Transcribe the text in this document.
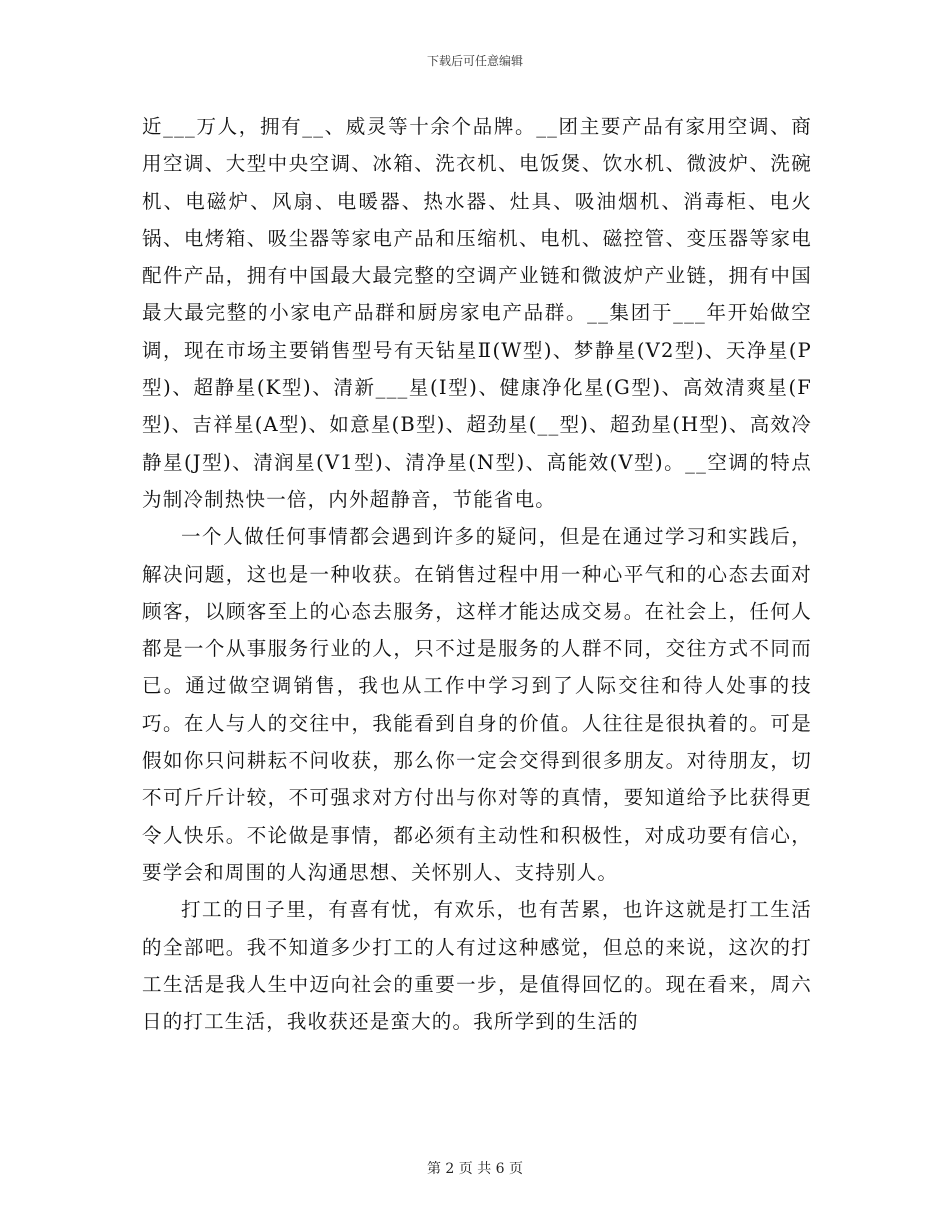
下载后可任意编辑

近___万人，拥有__、威灵等十余个品牌。__团主要产品有家用空调、商用空调、大型中央空调、冰箱、洗衣机、电饭煲、饮水机、微波炉、洗碗机、电磁炉、风扇、电暖器、热水器、灶具、吸油烟机、消毒柜、电火锅、电烤箱、吸尘器等家电产品和压缩机、电机、磁控管、变压器等家电配件产品，拥有中国最大最完整的空调产业链和微波炉产业链，拥有中国最大最完整的小家电产品群和厨房家电产品群。__集团于___年开始做空调，现在市场主要销售型号有天钻星Ⅱ(W型)、梦静星(V2型)、天净星(P型)、超静星(K型)、清新___星(I型)、健康净化星(G型)、高效清爽星(F型)、吉祥星(A型)、如意星(B型)、超劲星(__型)、超劲星(H型)、高效冷静星(J型)、清润星(V1型)、清净星(N型)、高能效(V型)。__空调的特点为制冷制热快一倍，内外超静音，节能省电。

一个人做任何事情都会遇到许多的疑问，但是在通过学习和实践后，解决问题，这也是一种收获。在销售过程中用一种心平气和的心态去面对顾客，以顾客至上的心态去服务，这样才能达成交易。在社会上，任何人都是一个从事服务行业的人，只不过是服务的人群不同，交往方式不同而已。通过做空调销售，我也从工作中学习到了人际交往和待人处事的技巧。在人与人的交往中，我能看到自身的价值。人往往是很执着的。可是假如你只问耕耘不问收获，那么你一定会交得到很多朋友。对待朋友，切不可斤斤计较，不可强求对方付出与你对等的真情，要知道给予比获得更令人快乐。不论做是事情，都必须有主动性和积极性，对成功要有信心，要学会和周围的人沟通思想、关怀别人、支持别人。

打工的日子里，有喜有忧，有欢乐，也有苦累，也许这就是打工生活的全部吧。我不知道多少打工的人有过这种感觉，但总的来说，这次的打工生活是我人生中迈向社会的重要一步，是值得回忆的。现在看来，周六日的打工生活，我收获还是蛮大的。我所学到的生活的

第 2 页 共 6 页
